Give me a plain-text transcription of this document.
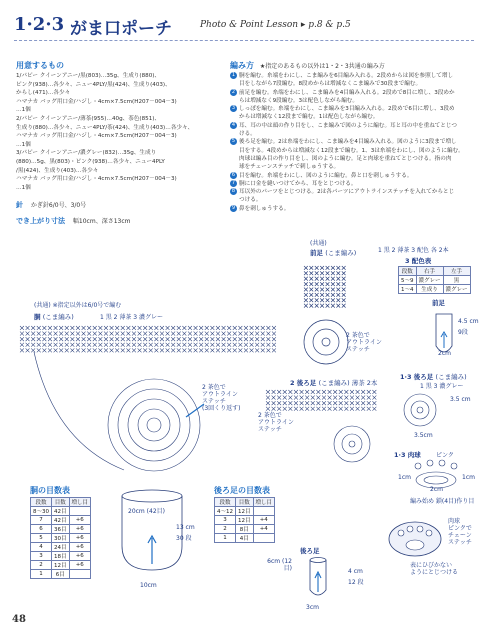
1·2·3 がま口ポーチ	Photo & Point Lesson ▸ p.8 & p.5
用意するもの

1/パピー クイーンアニー/黒(803)…35g、生成り(880)、

ピンク(938)…各少々、ニュー4PLY/黒(424)、生成り(403)、

からし(471)…各少々

ハマナカ バッグ用口金/ハジし・4cm×7.5cm(H207－004－3)

…1個

2/パピー クイーンアニー/薄茶(955)…40g、茶色(851)、

生成り(880)…各少々、ニュー4PLY/茶(424)、生成り(403)…各少々、

ハマナカ バッグ用口金/ハジし・4cm×7.5cm(H207－004－3)

…1個

3/パピー クイーンアニー/濃グレー(832)…35g、生成り

(880)…5g、黒(803)・ピンク(938)…各少々、ニュー4PLY

/黒(424)、生成り(403)…各少々

ハマナカ バッグ用口金/ハジし・4cm×7.5cm(H207－004－3)

…1個

針 かぎ針6/0号、3/0号
でき上がり寸法 幅10cm、深さ13cm
編み方 ★指定のあるもの以外は1・2・3共通の編み方

1 胴を編む。糸端をわにし、こま編みを6目編み入れる。2段めからは図を参照して増し

目をしながら7段編む。8段めからは増減なくこま編みで30段まで編む。

2 前足を編む。糸端をわにし、こま編みを4目編み入れる。2段めで8目に増し、3段めか

らは増減なく9段編む。3は配色しながら編む。

3 しっぽを編む。糸端をわにし、こま編みを3目編み入れる。2段めで6目に増し、3段め

からは増減なく12段まで編む。1は配色しながら編む。

4 耳、耳の中は頭の作り目をし、こま編みで図のように編む。耳と耳の中を重ねてとじつ

ける。

5 後ろ足を編む。2は糸端をわにし、こま編みを4目編み入れる。図のように3段まで増し

目をする。4段めからは増減なく12段まで編む。1、3は糸端をわにし、図のように編む。

肉球は編み目の作り目をし、図のように編む。足と肉球を重ねてとじつける。指の肉

球をチェーンステッチで刺しゅうする。

6 目を編む。糸端をわにし、図のように編む。鼻と口を刺しゅうする。

7 胴に口金を縫いつけてから、耳をとじつける。

8 耳以外のパーツをとじつける。2は各パーツにアウトラインステッチを入れてからとじ

つける。

9 鼻を刺しゅうする。

(共通)
前足 (こま編み)
2 茶色で
アウトライン
ステッチ
1 黒 2 薄茶 3 配色 各 2本
3 配色表
段数	右手	左手
5〜9	濃グレー	黒
1〜4	生成り	濃グレー
前足
4.5 cm
9段
2cm
(共通) ※指定以外は6/0号で編む
胴 (こま編み)	1 黒 2 薄茶 3 濃グレー
2 茶色で
アウトライン
ステッチ
(3回くり返す)
2 後ろ足 (こま編み) 薄茶 2本
2 茶色で
アウトライン
ステッチ
1·3 後ろ足 (こま編み)
1 黒 3 濃グレー
3.5 cm
3.5cm
1·3 肉球	ピンク
1cm
2cm
1cm
編み始め 鎖(4目)作り目
肉球
ピンクで
チェーン
ステッチ
表にひびかない
ようにとじつける
胴の目数表
段数	目数	増し目
8〜30	42目	
7	42目	+6
6	36目	+6
5	30目	+6
4	24目	+6
3	18目	+6
2	12目	+6
1	6目	
20cm (42目)
13 cm
30 段
10cm
後ろ足の目数表
段数	目数	増し目
4〜12	12目	
3	12目	+4
2	8目	+4
1	4目	
後ろ足
6cm (12目)	4 cm
12 段
3cm
48
